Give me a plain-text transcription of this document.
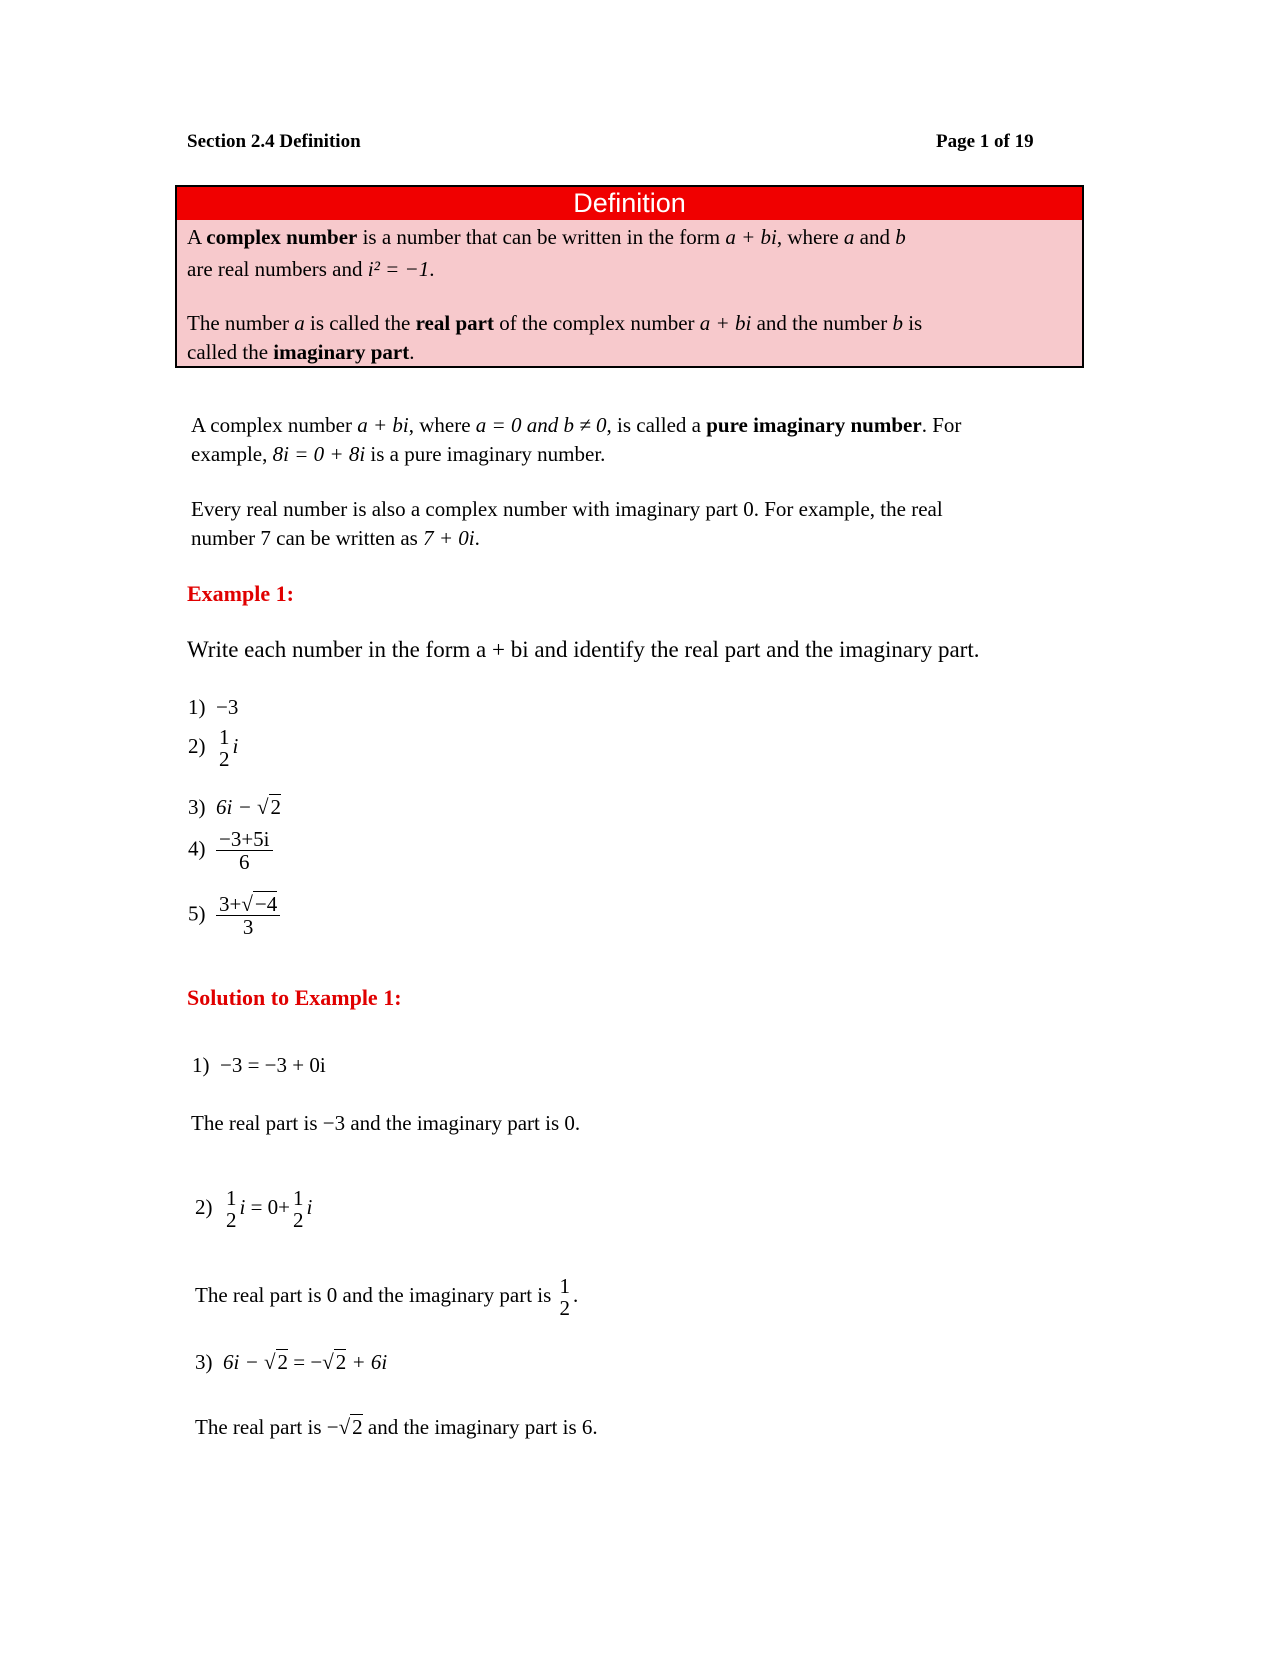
Section 2.4 Definition	Page 1 of 19
Definition
A complex number is a number that can be written in the form a + bi, where a and b
are real numbers and i² = −1.
The number a is called the real part of the complex number a + bi and the number b is
called the imaginary part.
A complex number a + bi, where a = 0 and b ≠ 0, is called a pure imaginary number. For
example, 8i = 0 + 8i is a pure imaginary number.
Every real number is also a complex number with imaginary part 0. For example, the real
number 7 can be written as 7 + 0i.
Example 1:
Write each number in the form a + bi and identify the real part and the imaginary part.
1) −3
2) 1
2
i
3) 6i − √2
$4) \frac{-3+5i}{6}$
$5) \frac{3+√-4}{3}$
Solution to Example 1:
1) −3 = −3 + 0i
The real part is −3 and the imaginary part is 0.
2) 1
2
i = 0+ 1
2
i
The real part is 0 and the imaginary part is 1
2
.
3) 6i − √2 = −√2 + 6i
The real part is −√2 and the imaginary part is 6.
